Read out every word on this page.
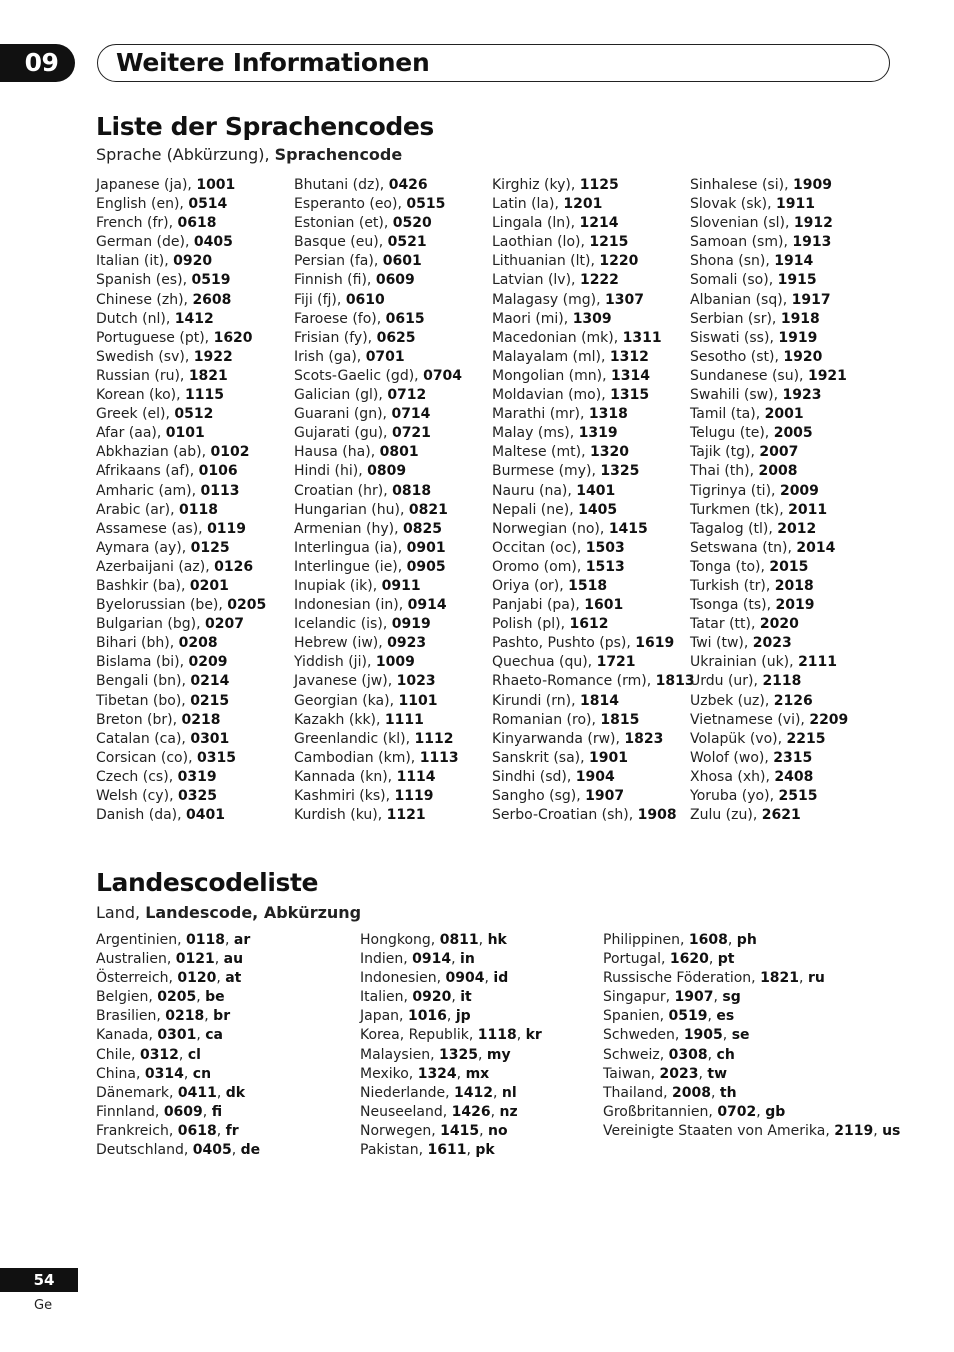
09	Weitere Informationen
Liste der Sprachencodes
Sprache (Abkürzung), Sprachencode
Japanese (ja), 1001
English (en), 0514
French (fr), 0618
German (de), 0405
Italian (it), 0920
Spanish (es), 0519
Chinese (zh), 2608
Dutch (nl), 1412
Portuguese (pt), 1620
Swedish (sv), 1922
Russian (ru), 1821
Korean (ko), 1115
Greek (el), 0512
Afar (aa), 0101
Abkhazian (ab), 0102
Afrikaans (af), 0106
Amharic (am), 0113
Arabic (ar), 0118
Assamese (as), 0119
Aymara (ay), 0125
Azerbaijani (az), 0126
Bashkir (ba), 0201
Byelorussian (be), 0205
Bulgarian (bg), 0207
Bihari (bh), 0208
Bislama (bi), 0209
Bengali (bn), 0214
Tibetan (bo), 0215
Breton (br), 0218
Catalan (ca), 0301
Corsican (co), 0315
Czech (cs), 0319
Welsh (cy), 0325
Danish (da), 0401
Bhutani (dz), 0426
Esperanto (eo), 0515
Estonian (et), 0520
Basque (eu), 0521
Persian (fa), 0601
Finnish (fi), 0609
Fiji (fj), 0610
Faroese (fo), 0615
Frisian (fy), 0625
Irish (ga), 0701
Scots-Gaelic (gd), 0704
Galician (gl), 0712
Guarani (gn), 0714
Gujarati (gu), 0721
Hausa (ha), 0801
Hindi (hi), 0809
Croatian (hr), 0818
Hungarian (hu), 0821
Armenian (hy), 0825
Interlingua (ia), 0901
Interlingue (ie), 0905
Inupiak (ik), 0911
Indonesian (in), 0914
Icelandic (is), 0919
Hebrew (iw), 0923
Yiddish (ji), 1009
Javanese (jw), 1023
Georgian (ka), 1101
Kazakh (kk), 1111
Greenlandic (kl), 1112
Cambodian (km), 1113
Kannada (kn), 1114
Kashmiri (ks), 1119
Kurdish (ku), 1121
Kirghiz (ky), 1125
Latin (la), 1201
Lingala (ln), 1214
Laothian (lo), 1215
Lithuanian (lt), 1220
Latvian (lv), 1222
Malagasy (mg), 1307
Maori (mi), 1309
Macedonian (mk), 1311
Malayalam (ml), 1312
Mongolian (mn), 1314
Moldavian (mo), 1315
Marathi (mr), 1318
Malay (ms), 1319
Maltese (mt), 1320
Burmese (my), 1325
Nauru (na), 1401
Nepali (ne), 1405
Norwegian (no), 1415
Occitan (oc), 1503
Oromo (om), 1513
Oriya (or), 1518
Panjabi (pa), 1601
Polish (pl), 1612
Pashto, Pushto (ps), 1619
Quechua (qu), 1721
Rhaeto-Romance (rm), 1813
Kirundi (rn), 1814
Romanian (ro), 1815
Kinyarwanda (rw), 1823
Sanskrit (sa), 1901
Sindhi (sd), 1904
Sangho (sg), 1907
Serbo-Croatian (sh), 1908
Sinhalese (si), 1909
Slovak (sk), 1911
Slovenian (sl), 1912
Samoan (sm), 1913
Shona (sn), 1914
Somali (so), 1915
Albanian (sq), 1917
Serbian (sr), 1918
Siswati (ss), 1919
Sesotho (st), 1920
Sundanese (su), 1921
Swahili (sw), 1923
Tamil (ta), 2001
Telugu (te), 2005
Tajik (tg), 2007
Thai (th), 2008
Tigrinya (ti), 2009
Turkmen (tk), 2011
Tagalog (tl), 2012
Setswana (tn), 2014
Tonga (to), 2015
Turkish (tr), 2018
Tsonga (ts), 2019
Tatar (tt), 2020
Twi (tw), 2023
Ukrainian (uk), 2111
Urdu (ur), 2118
Uzbek (uz), 2126
Vietnamese (vi), 2209
Volapük (vo), 2215
Wolof (wo), 2315
Xhosa (xh), 2408
Yoruba (yo), 2515
Zulu (zu), 2621
Landescodeliste
Land, Landescode, Abkürzung
Argentinien, 0118, ar
Australien, 0121, au
Österreich, 0120, at
Belgien, 0205, be
Brasilien, 0218, br
Kanada, 0301, ca
Chile, 0312, cl
China, 0314, cn
Dänemark, 0411, dk
Finnland, 0609, fi
Frankreich, 0618, fr
Deutschland, 0405, de
Hongkong, 0811, hk
Indien, 0914, in
Indonesien, 0904, id
Italien, 0920, it
Japan, 1016, jp
Korea, Republik, 1118, kr
Malaysien, 1325, my
Mexiko, 1324, mx
Niederlande, 1412, nl
Neuseeland, 1426, nz
Norwegen, 1415, no
Pakistan, 1611, pk
Philippinen, 1608, ph
Portugal, 1620, pt
Russische Föderation, 1821, ru
Singapur, 1907, sg
Spanien, 0519, es
Schweden, 1905, se
Schweiz, 0308, ch
Taiwan, 2023, tw
Thailand, 2008, th
Großbritannien, 0702, gb
Vereinigte Staaten von Amerika, 2119, us
54
Ge
